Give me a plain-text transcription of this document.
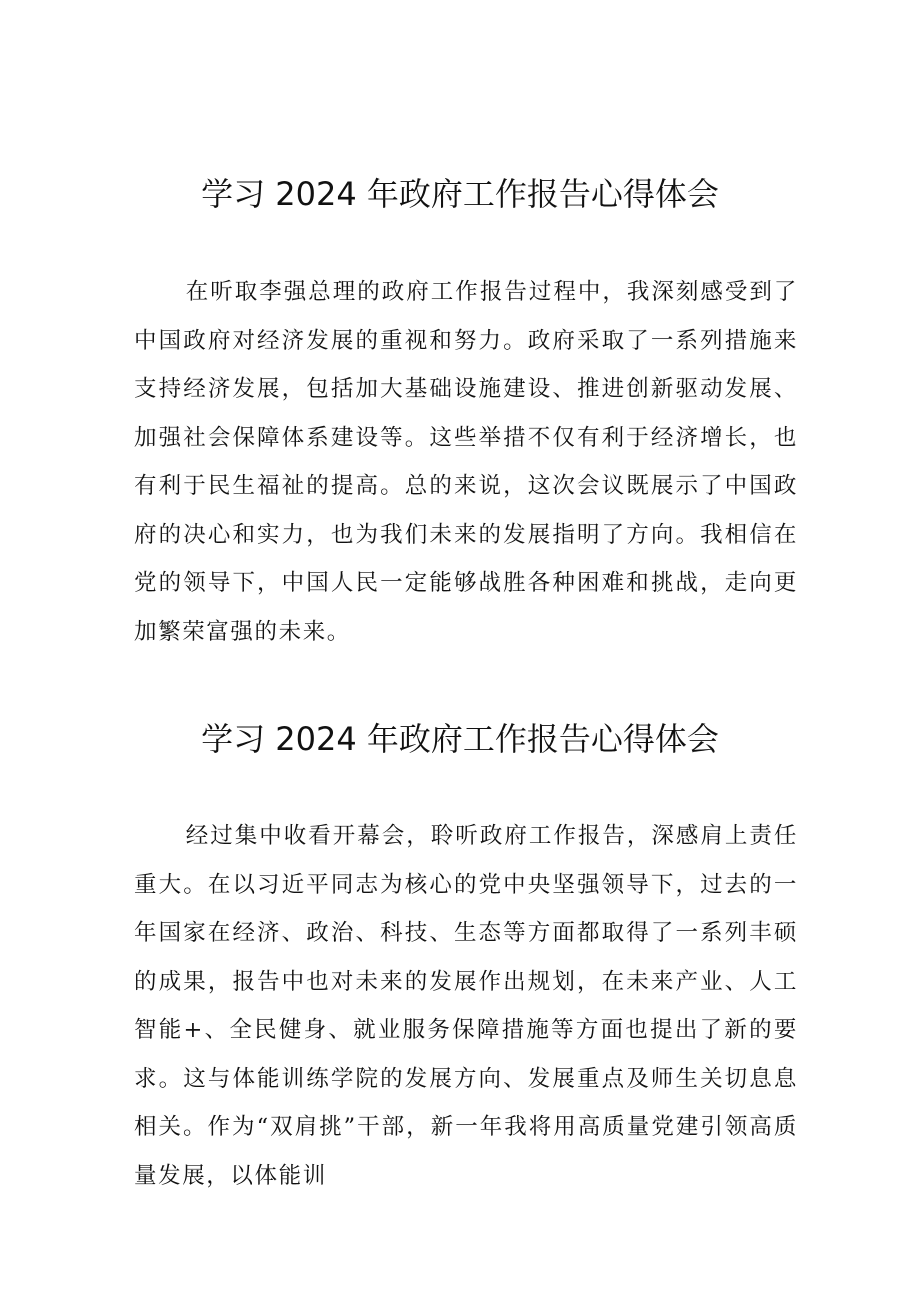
学习 2024 年政府工作报告心得体会

在听取李强总理的政府工作报告过程中，我深刻感受到了中国政府对经济发展的重视和努力。政府采取了一系列措施来支持经济发展，包括加大基础设施建设、推进创新驱动发展、加强社会保障体系建设等。这些举措不仅有利于经济增长，也有利于民生福祉的提高。总的来说，这次会议既展示了中国政府的决心和实力，也为我们未来的发展指明了方向。我相信在党的领导下，中国人民一定能够战胜各种困难和挑战，走向更加繁荣富强的未来。

学习 2024 年政府工作报告心得体会

经过集中收看开幕会，聆听政府工作报告，深感肩上责任重大。在以习近平同志为核心的党中央坚强领导下，过去的一年国家在经济、政治、科技、生态等方面都取得了一系列丰硕的成果，报告中也对未来的发展作出规划，在未来产业、人工智能+、全民健身、就业服务保障措施等方面也提出了新的要求。这与体能训练学院的发展方向、发展重点及师生关切息息相关。作为“双肩挑”干部，新一年我将用高质量党建引领高质量发展，以体能训
